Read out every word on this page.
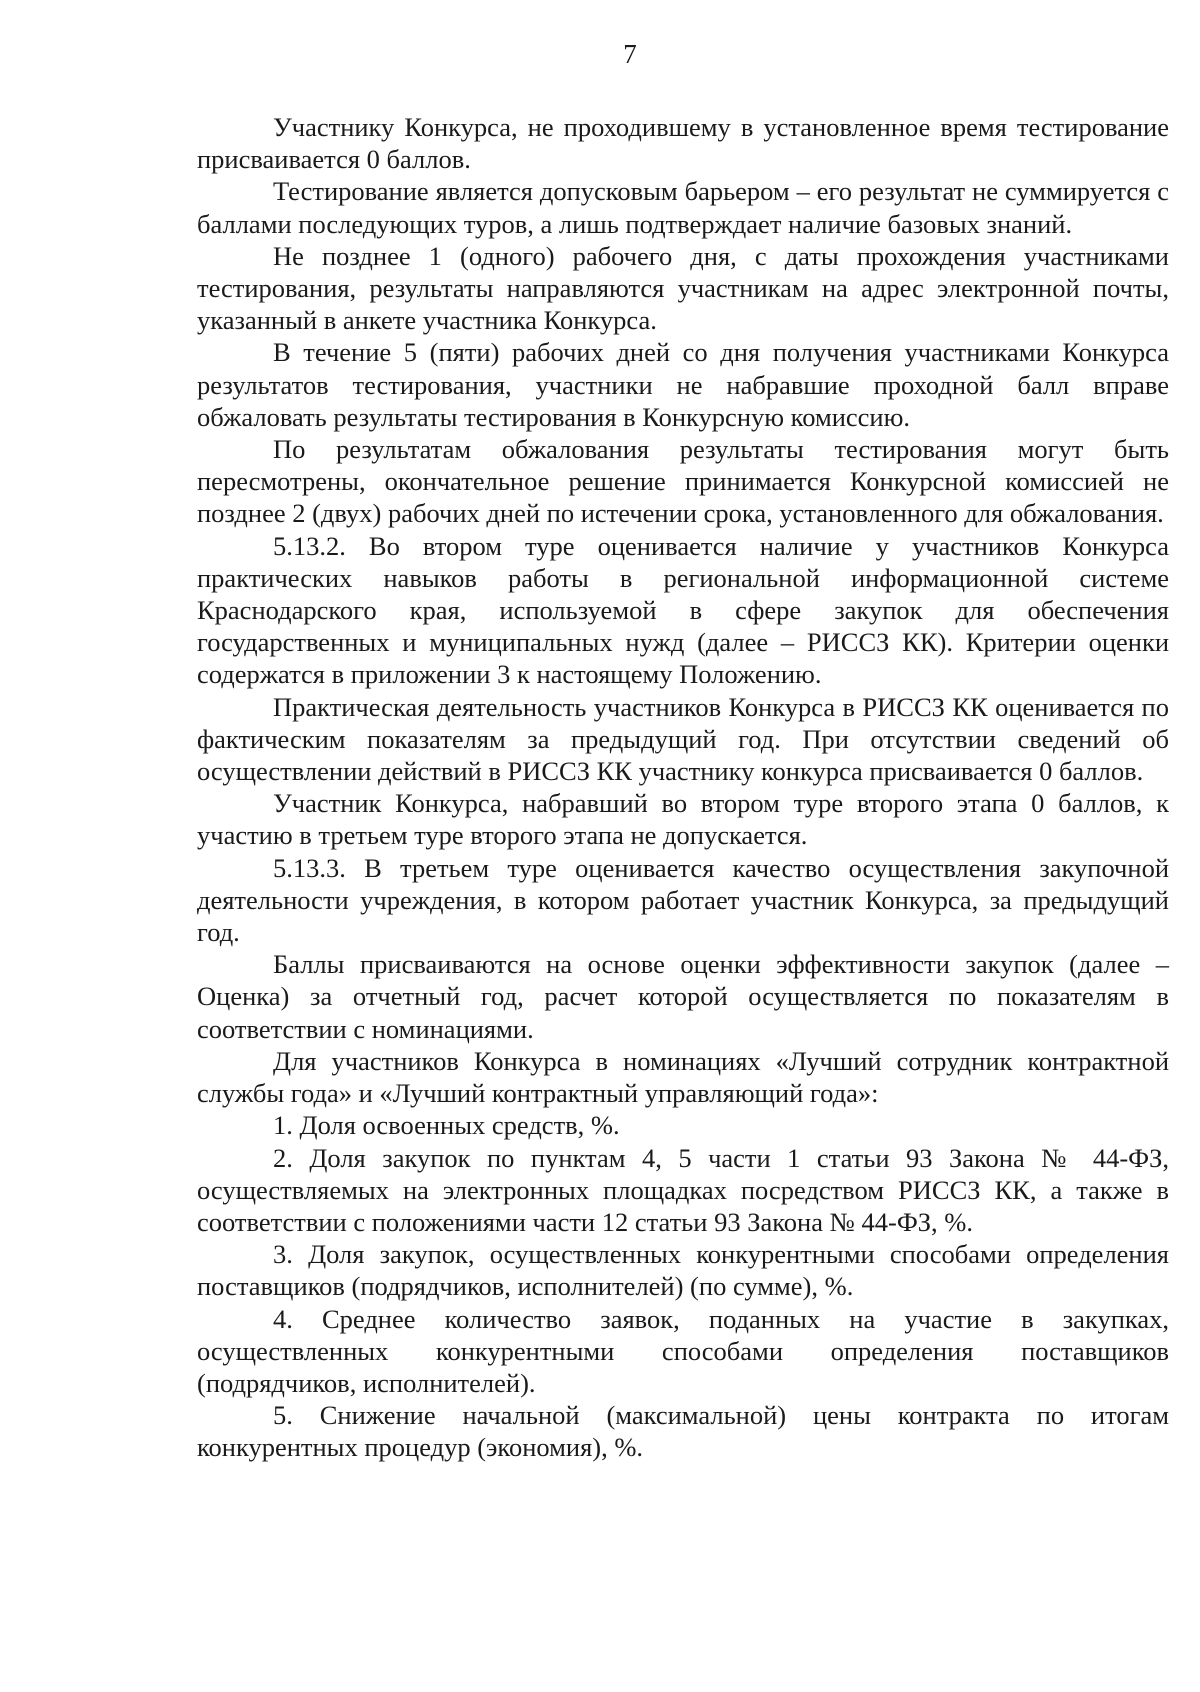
7

Участнику Конкурса, не проходившему в установленное время тестирование присваивается 0 баллов.

Тестирование является допусковым барьером – его результат не суммируется с баллами последующих туров, а лишь подтверждает наличие базовых знаний.

Не позднее 1 (одного) рабочего дня, с даты прохождения участниками тестирования, результаты направляются участникам на адрес электронной почты, указанный в анкете участника Конкурса.

В течение 5 (пяти) рабочих дней со дня получения участниками Конкурса результатов тестирования, участники не набравшие проходной балл вправе обжаловать результаты тестирования в Конкурсную комиссию.

По результатам обжалования результаты тестирования могут быть пересмотрены, окончательное решение принимается Конкурсной комиссией не позднее 2 (двух) рабочих дней по истечении срока, установленного для обжалования.

5.13.2. Во втором туре оценивается наличие у участников Конкурса практических навыков работы в региональной информационной системе Краснодарского края, используемой в сфере закупок для обеспечения государственных и муниципальных нужд (далее – РИССЗ КК). Критерии оценки содержатся в приложении 3 к настоящему Положению.

Практическая деятельность участников Конкурса в РИССЗ КК оценивается по фактическим показателям за предыдущий год. При отсутствии сведений об осуществлении действий в РИССЗ КК участнику конкурса присваивается 0 баллов.

Участник Конкурса, набравший во втором туре второго этапа 0 баллов, к участию в третьем туре второго этапа не допускается.

5.13.3. В третьем туре оценивается качество осуществления закупочной деятельности учреждения, в котором работает участник Конкурса, за предыдущий год.

Баллы присваиваются на основе оценки эффективности закупок (далее – Оценка) за отчетный год, расчет которой осуществляется по показателям в соответствии с номинациями.

Для участников Конкурса в номинациях «Лучший сотрудник контрактной службы года» и «Лучший контрактный управляющий года»:

1. Доля освоенных средств, %.

2. Доля закупок по пунктам 4, 5 части 1 статьи 93 Закона № 44-ФЗ, осуществляемых на электронных площадках посредством РИССЗ КК, а также в соответствии с положениями части 12 статьи 93 Закона № 44-ФЗ, %.

3. Доля закупок, осуществленных конкурентными способами определения поставщиков (подрядчиков, исполнителей) (по сумме), %.

4. Среднее количество заявок, поданных на участие в закупках, осуществленных конкурентными способами определения поставщиков (подрядчиков, исполнителей).

5. Снижение начальной (максимальной) цены контракта по итогам конкурентных процедур (экономия), %.
